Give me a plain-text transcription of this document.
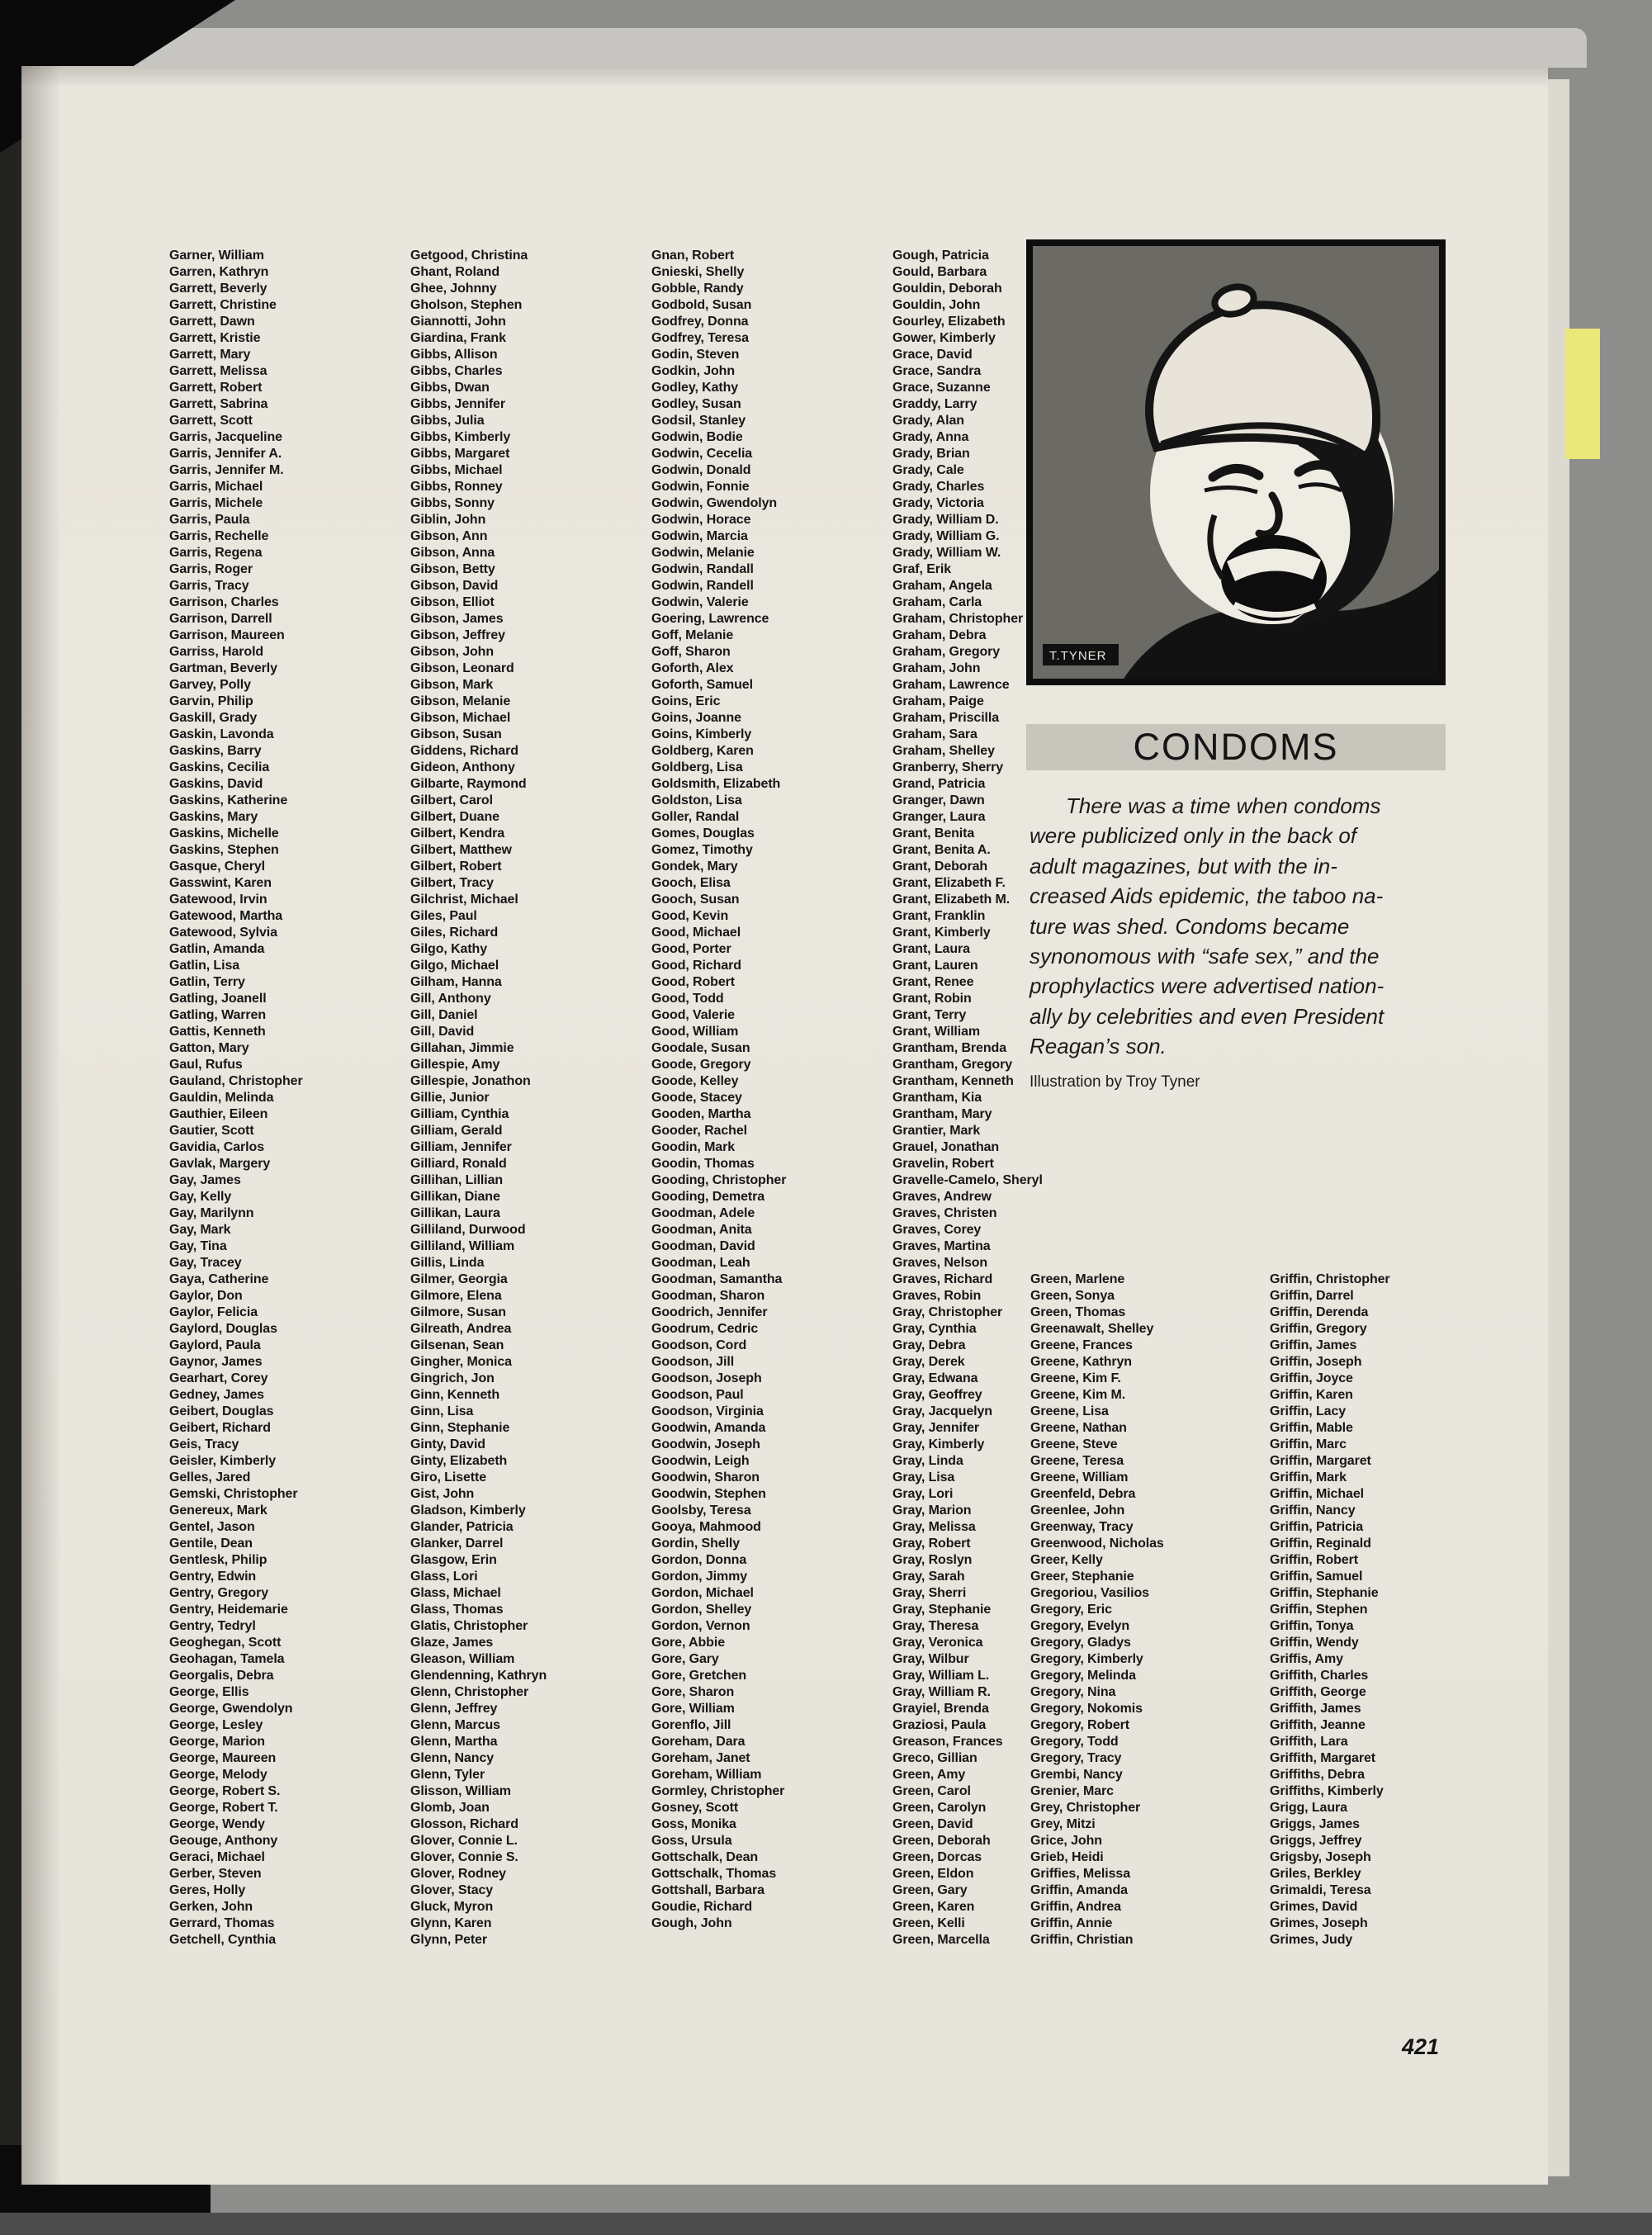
Garner, William
Garren, Kathryn
Garrett, Beverly
Garrett, Christine
Garrett, Dawn
Garrett, Kristie
Garrett, Mary
Garrett, Melissa
Garrett, Robert
Garrett, Sabrina
Garrett, Scott
Garris, Jacqueline
Garris, Jennifer A.
Garris, Jennifer M.
Garris, Michael
Garris, Michele
Garris, Paula
Garris, Rechelle
Garris, Regena
Garris, Roger
Garris, Tracy
Garrison, Charles
Garrison, Darrell
Garrison, Maureen
Garriss, Harold
Gartman, Beverly
Garvey, Polly
Garvin, Philip
Gaskill, Grady
Gaskin, Lavonda
Gaskins, Barry
Gaskins, Cecilia
Gaskins, David
Gaskins, Katherine
Gaskins, Mary
Gaskins, Michelle
Gaskins, Stephen
Gasque, Cheryl
Gasswint, Karen
Gatewood, Irvin
Gatewood, Martha
Gatewood, Sylvia
Gatlin, Amanda
Gatlin, Lisa
Gatlin, Terry
Gatling, Joanell
Gatling, Warren
Gattis, Kenneth
Gatton, Mary
Gaul, Rufus
Gauland, Christopher
Gauldin, Melinda
Gauthier, Eileen
Gautier, Scott
Gavidia, Carlos
Gavlak, Margery
Gay, James
Gay, Kelly
Gay, Marilynn
Gay, Mark
Gay, Tina
Gay, Tracey
Gaya, Catherine
Gaylor, Don
Gaylor, Felicia
Gaylord, Douglas
Gaylord, Paula
Gaynor, James
Gearhart, Corey
Gedney, James
Geibert, Douglas
Geibert, Richard
Geis, Tracy
Geisler, Kimberly
Gelles, Jared
Gemski, Christopher
Genereux, Mark
Gentel, Jason
Gentile, Dean
Gentlesk, Philip
Gentry, Edwin
Gentry, Gregory
Gentry, Heidemarie
Gentry, Tedryl
Geoghegan, Scott
Geohagan, Tamela
Georgalis, Debra
George, Ellis
George, Gwendolyn
George, Lesley
George, Marion
George, Maureen
George, Melody
George, Robert S.
George, Robert T.
George, Wendy
Geouge, Anthony
Geraci, Michael
Gerber, Steven
Geres, Holly
Gerken, John
Gerrard, Thomas
Getchell, Cynthia
Getgood, Christina
Ghant, Roland
Ghee, Johnny
Gholson, Stephen
Giannotti, John
Giardina, Frank
Gibbs, Allison
Gibbs, Charles
Gibbs, Dwan
Gibbs, Jennifer
Gibbs, Julia
Gibbs, Kimberly
Gibbs, Margaret
Gibbs, Michael
Gibbs, Ronney
Gibbs, Sonny
Giblin, John
Gibson, Ann
Gibson, Anna
Gibson, Betty
Gibson, David
Gibson, Elliot
Gibson, James
Gibson, Jeffrey
Gibson, John
Gibson, Leonard
Gibson, Mark
Gibson, Melanie
Gibson, Michael
Gibson, Susan
Giddens, Richard
Gideon, Anthony
Gilbarte, Raymond
Gilbert, Carol
Gilbert, Duane
Gilbert, Kendra
Gilbert, Matthew
Gilbert, Robert
Gilbert, Tracy
Gilchrist, Michael
Giles, Paul
Giles, Richard
Gilgo, Kathy
Gilgo, Michael
Gilham, Hanna
Gill, Anthony
Gill, Daniel
Gill, David
Gillahan, Jimmie
Gillespie, Amy
Gillespie, Jonathon
Gillie, Junior
Gilliam, Cynthia
Gilliam, Gerald
Gilliam, Jennifer
Gilliard, Ronald
Gillihan, Lillian
Gillikan, Diane
Gillikan, Laura
Gilliland, Durwood
Gilliland, William
Gillis, Linda
Gilmer, Georgia
Gilmore, Elena
Gilmore, Susan
Gilreath, Andrea
Gilsenan, Sean
Gingher, Monica
Gingrich, Jon
Ginn, Kenneth
Ginn, Lisa
Ginn, Stephanie
Ginty, David
Ginty, Elizabeth
Giro, Lisette
Gist, John
Gladson, Kimberly
Glander, Patricia
Glanker, Darrel
Glasgow, Erin
Glass, Lori
Glass, Michael
Glass, Thomas
Glatis, Christopher
Glaze, James
Gleason, William
Glendenning, Kathryn
Glenn, Christopher
Glenn, Jeffrey
Glenn, Marcus
Glenn, Martha
Glenn, Nancy
Glenn, Tyler
Glisson, William
Glomb, Joan
Glosson, Richard
Glover, Connie L.
Glover, Connie S.
Glover, Rodney
Glover, Stacy
Gluck, Myron
Glynn, Karen
Glynn, Peter
Gnan, Robert
Gnieski, Shelly
Gobble, Randy
Godbold, Susan
Godfrey, Donna
Godfrey, Teresa
Godin, Steven
Godkin, John
Godley, Kathy
Godley, Susan
Godsil, Stanley
Godwin, Bodie
Godwin, Cecelia
Godwin, Donald
Godwin, Fonnie
Godwin, Gwendolyn
Godwin, Horace
Godwin, Marcia
Godwin, Melanie
Godwin, Randall
Godwin, Randell
Godwin, Valerie
Goering, Lawrence
Goff, Melanie
Goff, Sharon
Goforth, Alex
Goforth, Samuel
Goins, Eric
Goins, Joanne
Goins, Kimberly
Goldberg, Karen
Goldberg, Lisa
Goldsmith, Elizabeth
Goldston, Lisa
Goller, Randal
Gomes, Douglas
Gomez, Timothy
Gondek, Mary
Gooch, Elisa
Gooch, Susan
Good, Kevin
Good, Michael
Good, Porter
Good, Richard
Good, Robert
Good, Todd
Good, Valerie
Good, William
Goodale, Susan
Goode, Gregory
Goode, Kelley
Goode, Stacey
Gooden, Martha
Gooder, Rachel
Goodin, Mark
Goodin, Thomas
Gooding, Christopher
Gooding, Demetra
Goodman, Adele
Goodman, Anita
Goodman, David
Goodman, Leah
Goodman, Samantha
Goodman, Sharon
Goodrich, Jennifer
Goodrum, Cedric
Goodson, Cord
Goodson, Jill
Goodson, Joseph
Goodson, Paul
Goodson, Virginia
Goodwin, Amanda
Goodwin, Joseph
Goodwin, Leigh
Goodwin, Sharon
Goodwin, Stephen
Goolsby, Teresa
Gooya, Mahmood
Gordin, Shelly
Gordon, Donna
Gordon, Jimmy
Gordon, Michael
Gordon, Shelley
Gordon, Vernon
Gore, Abbie
Gore, Gary
Gore, Gretchen
Gore, Sharon
Gore, William
Gorenflo, Jill
Goreham, Dara
Goreham, Janet
Goreham, William
Gormley, Christopher
Gosney, Scott
Goss, Monika
Goss, Ursula
Gottschalk, Dean
Gottschalk, Thomas
Gottshall, Barbara
Goudie, Richard
Gough, John
Gough, Patricia
Gould, Barbara
Gouldin, Deborah
Gouldin, John
Gourley, Elizabeth
Gower, Kimberly
Grace, David
Grace, Sandra
Grace, Suzanne
Graddy, Larry
Grady, Alan
Grady, Anna
Grady, Brian
Grady, Cale
Grady, Charles
Grady, Victoria
Grady, William D.
Grady, William G.
Grady, William W.
Graf, Erik
Graham, Angela
Graham, Carla
Graham, Christopher
Graham, Debra
Graham, Gregory
Graham, John
Graham, Lawrence
Graham, Paige
Graham, Priscilla
Graham, Sara
Graham, Shelley
Granberry, Sherry
Grand, Patricia
Granger, Dawn
Granger, Laura
Grant, Benita
Grant, Benita A.
Grant, Deborah
Grant, Elizabeth F.
Grant, Elizabeth M.
Grant, Franklin
Grant, Kimberly
Grant, Laura
Grant, Lauren
Grant, Renee
Grant, Robin
Grant, Terry
Grant, William
Grantham, Brenda
Grantham, Gregory
Grantham, Kenneth
Grantham, Kia
Grantham, Mary
Grantier, Mark
Grauel, Jonathan
Gravelin, Robert
Gravelle-Camelo, Sheryl
Graves, Andrew
Graves, Christen
Graves, Corey
Graves, Martina
Graves, Nelson
Graves, Richard
Graves, Robin
Gray, Christopher
Gray, Cynthia
Gray, Debra
Gray, Derek
Gray, Edwana
Gray, Geoffrey
Gray, Jacquelyn
Gray, Jennifer
Gray, Kimberly
Gray, Linda
Gray, Lisa
Gray, Lori
Gray, Marion
Gray, Melissa
Gray, Robert
Gray, Roslyn
Gray, Sarah
Gray, Sherri
Gray, Stephanie
Gray, Theresa
Gray, Veronica
Gray, Wilbur
Gray, William L.
Gray, William R.
Grayiel, Brenda
Graziosi, Paula
Greason, Frances
Greco, Gillian
Green, Amy
Green, Carol
Green, Carolyn
Green, David
Green, Deborah
Green, Dorcas
Green, Eldon
Green, Gary
Green, Karen
Green, Kelli
Green, Marcella
Green, Marlene
Green, Sonya
Green, Thomas
Greenawalt, Shelley
Greene, Frances
Greene, Kathryn
Greene, Kim F.
Greene, Kim M.
Greene, Lisa
Greene, Nathan
Greene, Steve
Greene, Teresa
Greene, William
Greenfeld, Debra
Greenlee, John
Greenway, Tracy
Greenwood, Nicholas
Greer, Kelly
Greer, Stephanie
Gregoriou, Vasilios
Gregory, Eric
Gregory, Evelyn
Gregory, Gladys
Gregory, Kimberly
Gregory, Melinda
Gregory, Nina
Gregory, Nokomis
Gregory, Robert
Gregory, Todd
Gregory, Tracy
Grembi, Nancy
Grenier, Marc
Grey, Christopher
Grey, Mitzi
Grice, John
Grieb, Heidi
Griffies, Melissa
Griffin, Amanda
Griffin, Andrea
Griffin, Annie
Griffin, Christian
Griffin, Christopher
Griffin, Darrel
Griffin, Derenda
Griffin, Gregory
Griffin, James
Griffin, Joseph
Griffin, Joyce
Griffin, Karen
Griffin, Lacy
Griffin, Mable
Griffin, Marc
Griffin, Margaret
Griffin, Mark
Griffin, Michael
Griffin, Nancy
Griffin, Patricia
Griffin, Reginald
Griffin, Robert
Griffin, Samuel
Griffin, Stephanie
Griffin, Stephen
Griffin, Tonya
Griffin, Wendy
Griffis, Amy
Griffith, Charles
Griffith, George
Griffith, James
Griffith, Jeanne
Griffith, Lara
Griffith, Margaret
Griffiths, Debra
Griffiths, Kimberly
Grigg, Laura
Griggs, James
Griggs, Jeffrey
Grigsby, Joseph
Griles, Berkley
Grimaldi, Teresa
Grimes, David
Grimes, Joseph
Grimes, Judy
T.TYNER
CONDOMS
There was a time when condoms
were publicized only in the back of
adult magazines, but with the in-
creased Aids epidemic, the taboo na-
ture was shed. Condoms became
synonomous with “safe sex,” and the
prophylactics were advertised nation-
ally by celebrities and even President
Reagan’s son.
Illustration by Troy Tyner
421
